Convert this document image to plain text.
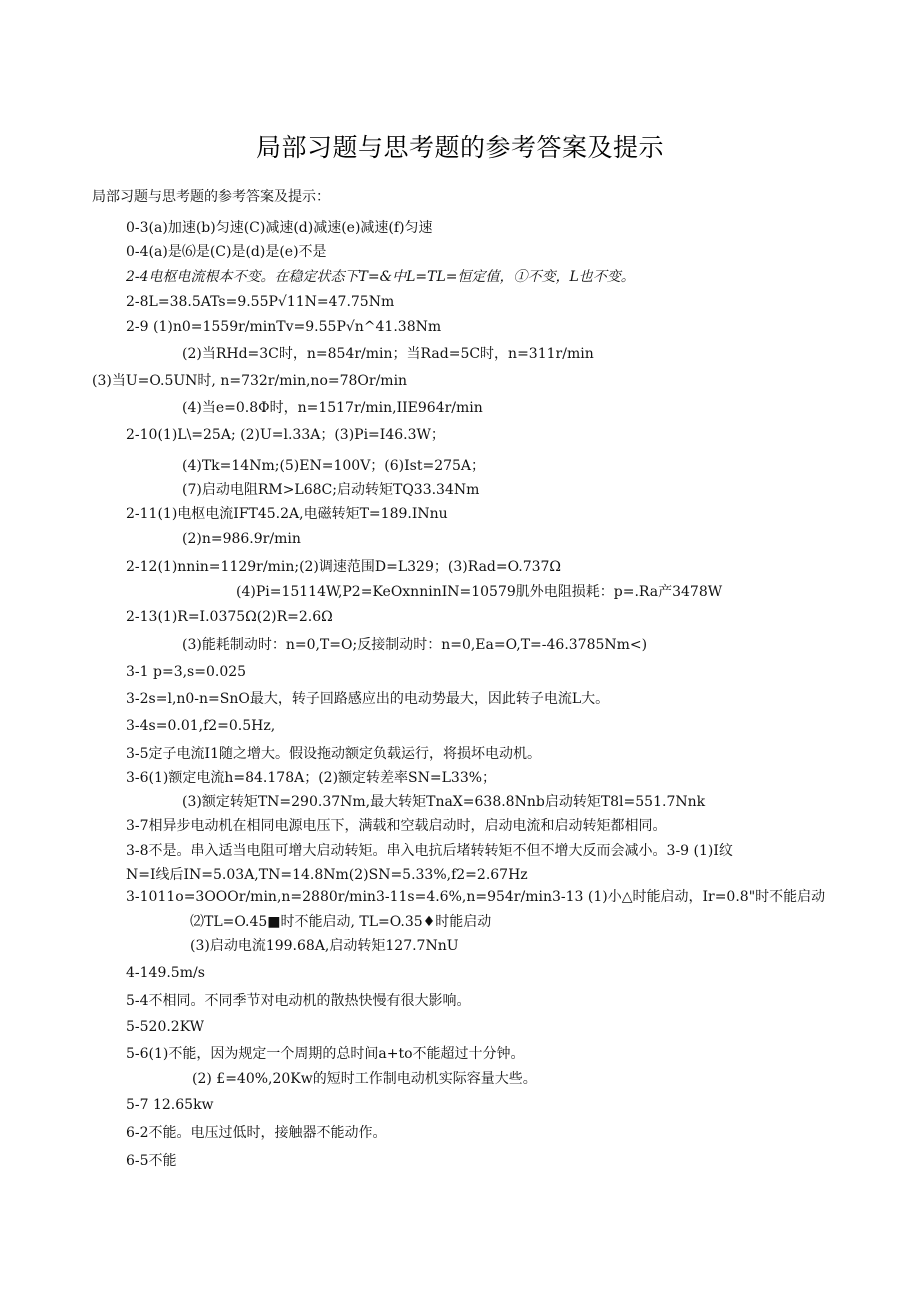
局部习题与思考题的参考答案及提示
局部习题与思考题的参考答案及提示：
0-3(a)加速(b)匀速(C)减速(d)减速(e)减速(f)匀速
0-4(a)是⑹是(C)是(d)是(e)不是
2-4电枢电流根本不变。在稳定状态下T=&中L=TL=恒定值，①不变，L也不变。
2-8L=38.5ATs=9.55P√11N=47.75Nm
2-9 (1)n0=1559r/minTv=9.55P√n^41.38Nm
(2)当RHd=3C时，n=854r/min；当Rad=5C时，n=311r/min
(3)当U=O.5UN时, n=732r/min,no=78Or/min
(4)当e=0.8Φ时，n=1517r/min,IIE964r/min
2-10(1)L\=25A; (2)U=l.33A；(3)Pi=I46.3W；
(4)Tk=14Nm;(5)EN=100V；(6)Ist=275A；
(7)启动电阻RM>L68C;启动转矩TQ33.34Nm
2-11(1)电枢电流IFT45.2A,电磁转矩T=189.INnu
(2)n=986.9r/min
2-12(1)nnin=1129r/min;(2)调速范围D=L329；(3)Rad=O.737Ω
(4)Pi=15114W,P2=KeOxnninIN=10579肌外电阻损耗：p=.Ra产3478W
2-13(1)R=I.0375Ω(2)R=2.6Ω
(3)能耗制动时：n=0,T=O;反接制动时：n=0,Ea=O,T=-46.3785Nm<)
3-1 p=3,s=0.025
3-2s=l,n0-n=SnO最大，转子回路感应出的电动势最大，因此转子电流L大。
3-4s=0.01,f2=0.5Hz,
3-5定子电流I1随之增大。假设拖动额定负载运行，将损坏电动机。
3-6(1)额定电流h=84.178A；(2)额定转差率SN=L33%；
(3)额定转矩TN=290.37Nm,最大转矩TnaX=638.8Nnb启动转矩T8l=551.7Nnk
3-7相异步电动机在相同电源电压下，满载和空载启动时，启动电流和启动转矩都相同。
3-8不是。串入适当电阻可增大启动转矩。串入电抗后堵转转矩不但不增大反而会减小。3-9 (1)I纹
N=I线后IN=5.03A,TN=14.8Nm(2)SN=5.33%,f2=2.67Hz
3-1011o=3OOOr/min,n=2880r/min3-11s=4.6%,n=954r/min3-13 (1)小△时能启动，Ir=0.8"时不能启动
⑵TL=O.45■时不能启动, TL=O.35♦时能启动
(3)启动电流199.68A,启动转矩127.7NnU
4-149.5m/s
5-4不相同。不同季节对电动机的散热快慢有很大影响。
5-520.2KW
5-6(1)不能，因为规定一个周期的总时间a+to不能超过十分钟。
(2) £=40%,20Kw的短时工作制电动机实际容量大些。
5-7 12.65kw
6-2不能。电压过低时，接触器不能动作。
6-5不能
